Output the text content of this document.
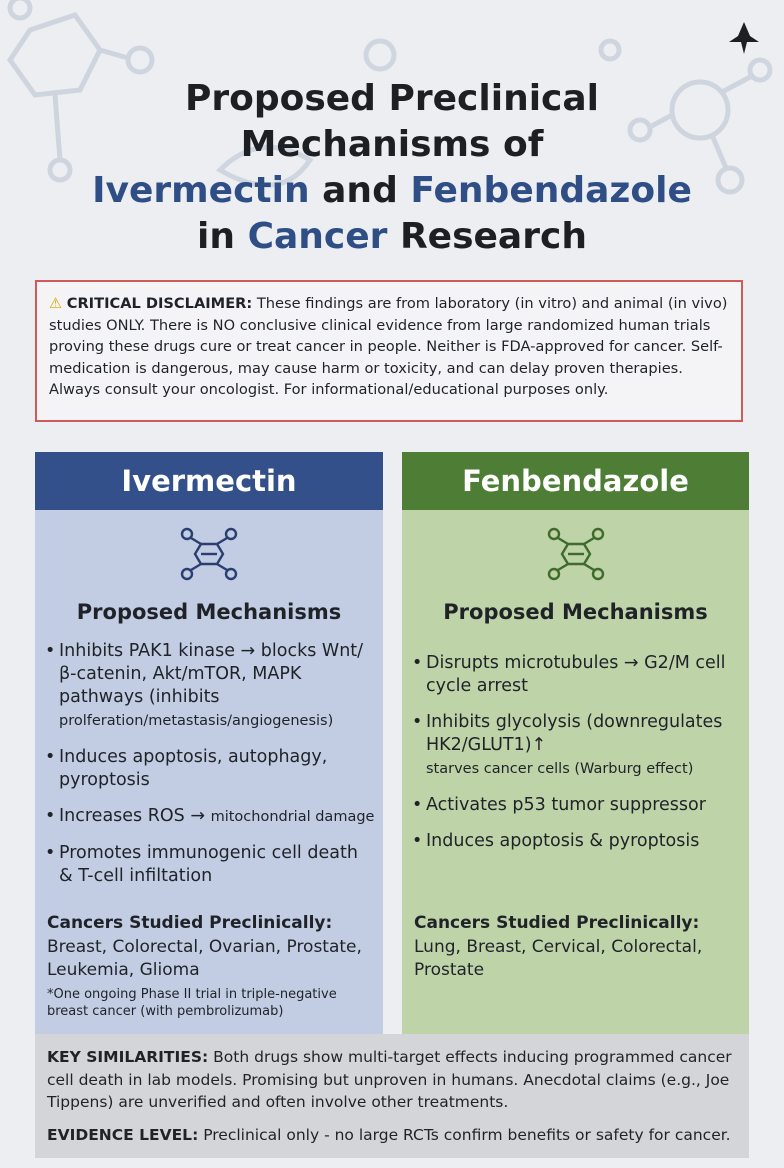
Proposed Preclinical
Mechanisms of
Ivermectin and Fenbendazole
in Cancer Research
⚠ CRITICAL DISCLAIMER: These findings are from laboratory (in vitro) and animal (in vivo) studies ONLY. There is NO conclusive clinical evidence from large randomized human trials proving these drugs cure or treat cancer in people. Neither is FDA-approved for cancer. Self-medication is dangerous, may cause harm or toxicity, and can delay proven therapies. Always consult your oncologist. For informational/educational purposes only.
Ivermectin
Proposed Mechanisms
• Inhibits PAK1 kinase → blocks Wnt/β-catenin, Akt/mTOR, MAPK pathways (inhibits
prolferation/metastasis/angiogenesis)
• Induces apoptosis, autophagy, pyroptosis
• Increases ROS → mitochondrial damage
• Promotes immunogenic cell death & T-cell infiltation
Cancers Studied Preclinically:
Breast, Colorectal, Ovarian, Prostate, Leukemia, Glioma
*One ongoing Phase II trial in triple-negative breast cancer (with pembrolizumab)
Fenbendazole
Proposed Mechanisms
• Disrupts microtubules → G2/M cell cycle arrest
• Inhibits glycolysis (downregulates HK2/GLUT1)↑
starves cancer cells (Warburg effect)
• Activates p53 tumor suppressor
• Induces apoptosis & pyroptosis
Cancers Studied Preclinically:
Lung, Breast, Cervical, Colorectal, Prostate
KEY SIMILARITIES: Both drugs show multi-target effects inducing programmed cancer cell death in lab models. Promising but unproven in humans. Anecdotal claims (e.g., Joe Tippens) are unverified and often involve other treatments.
EVIDENCE LEVEL: Preclinical only - no large RCTs confirm benefits or safety for cancer.
